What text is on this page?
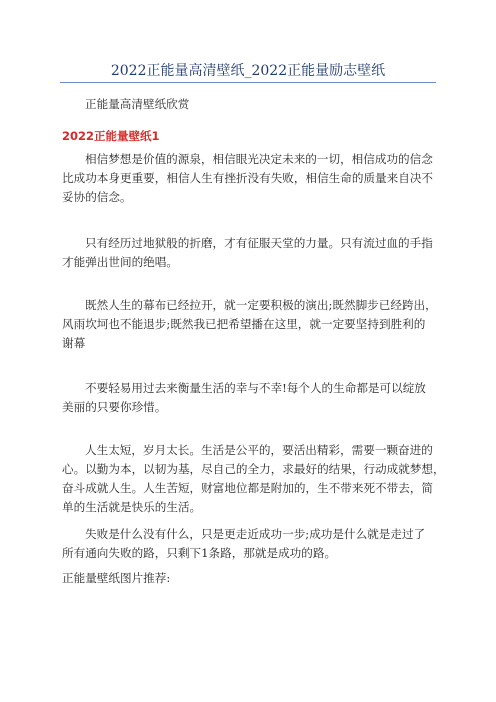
2022正能量高清壁纸_2022正能量励志壁纸
正能量高清壁纸欣赏
2022正能量壁纸1
相信梦想是价值的源泉，相信眼光决定未来的一切，相信成功的信念
比成功本身更重要，相信人生有挫折没有失败，相信生命的质量来自决不
妥协的信念。
只有经历过地狱般的折磨，才有征服天堂的力量。只有流过血的手指
才能弹出世间的绝唱。
既然人生的幕布已经拉开，就一定要积极的演出;既然脚步已经跨出，
风雨坎坷也不能退步;既然我已把希望播在这里，就一定要坚持到胜利的
谢幕
不要轻易用过去来衡量生活的幸与不幸!每个人的生命都是可以绽放
美丽的只要你珍惜。
人生太短，岁月太长。生活是公平的，要活出精彩，需要一颗奋进的
心。以勤为本，以韧为基，尽自己的全力，求最好的结果，行动成就梦想，
奋斗成就人生。人生苦短，财富地位都是附加的，生不带来死不带去，简
单的生活就是快乐的生活。
失败是什么没有什么，只是更走近成功一步;成功是什么就是走过了
所有通向失败的路，只剩下1条路，那就是成功的路。
正能量壁纸图片推荐:
